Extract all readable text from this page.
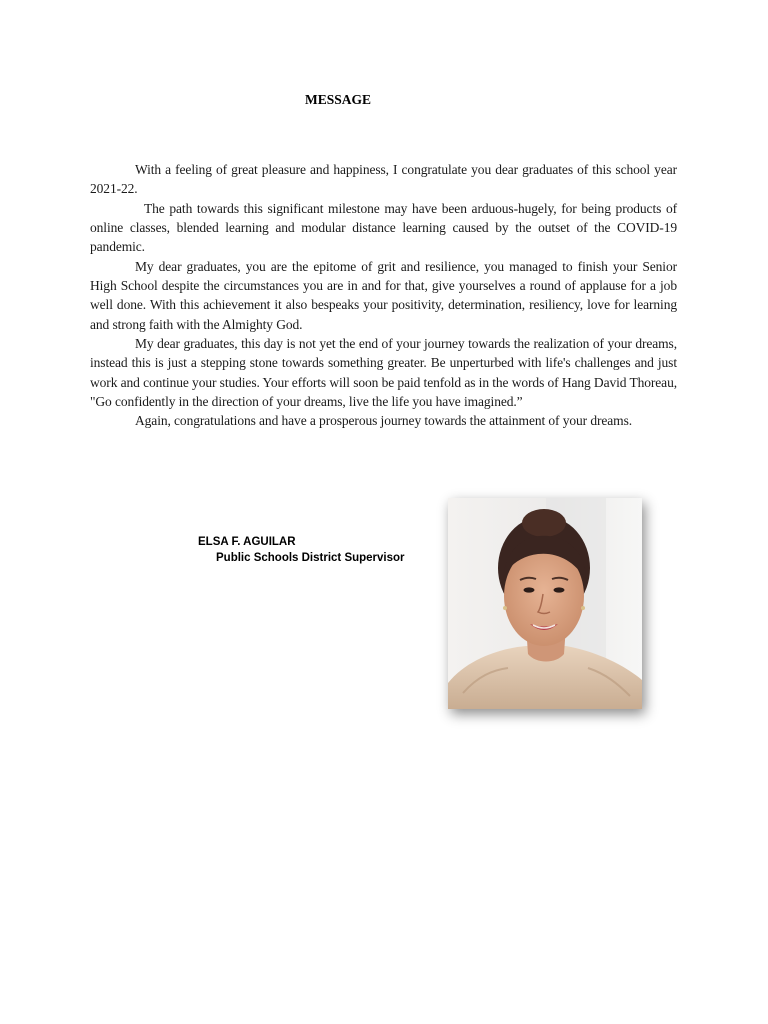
MESSAGE

With a feeling of great pleasure and happiness, I congratulate you dear graduates of this school year 2021-22.

The path towards this significant milestone may have been arduous-hugely, for being products of online classes, blended learning and modular distance learning caused by the outset of the COVID-19 pandemic.

My dear graduates, you are the epitome of grit and resilience, you managed to finish your Senior High School despite the circumstances you are in and for that, give yourselves a round of applause for a job well done. With this achievement it also bespeaks your positivity, determination, resiliency, love for learning and strong faith with the Almighty God.

My dear graduates, this day is not yet the end of your journey towards the realization of your dreams, instead this is just a stepping stone towards something greater. Be unperturbed with life's challenges and just work and continue your studies. Your efforts will soon be paid tenfold as in the words of Hang David Thoreau, "Go confidently in the direction of your dreams, live the life you have imagined.”

Again, congratulations and have a prosperous journey towards the attainment of your dreams.

ELSA F. AGUILAR
Public Schools District Supervisor
